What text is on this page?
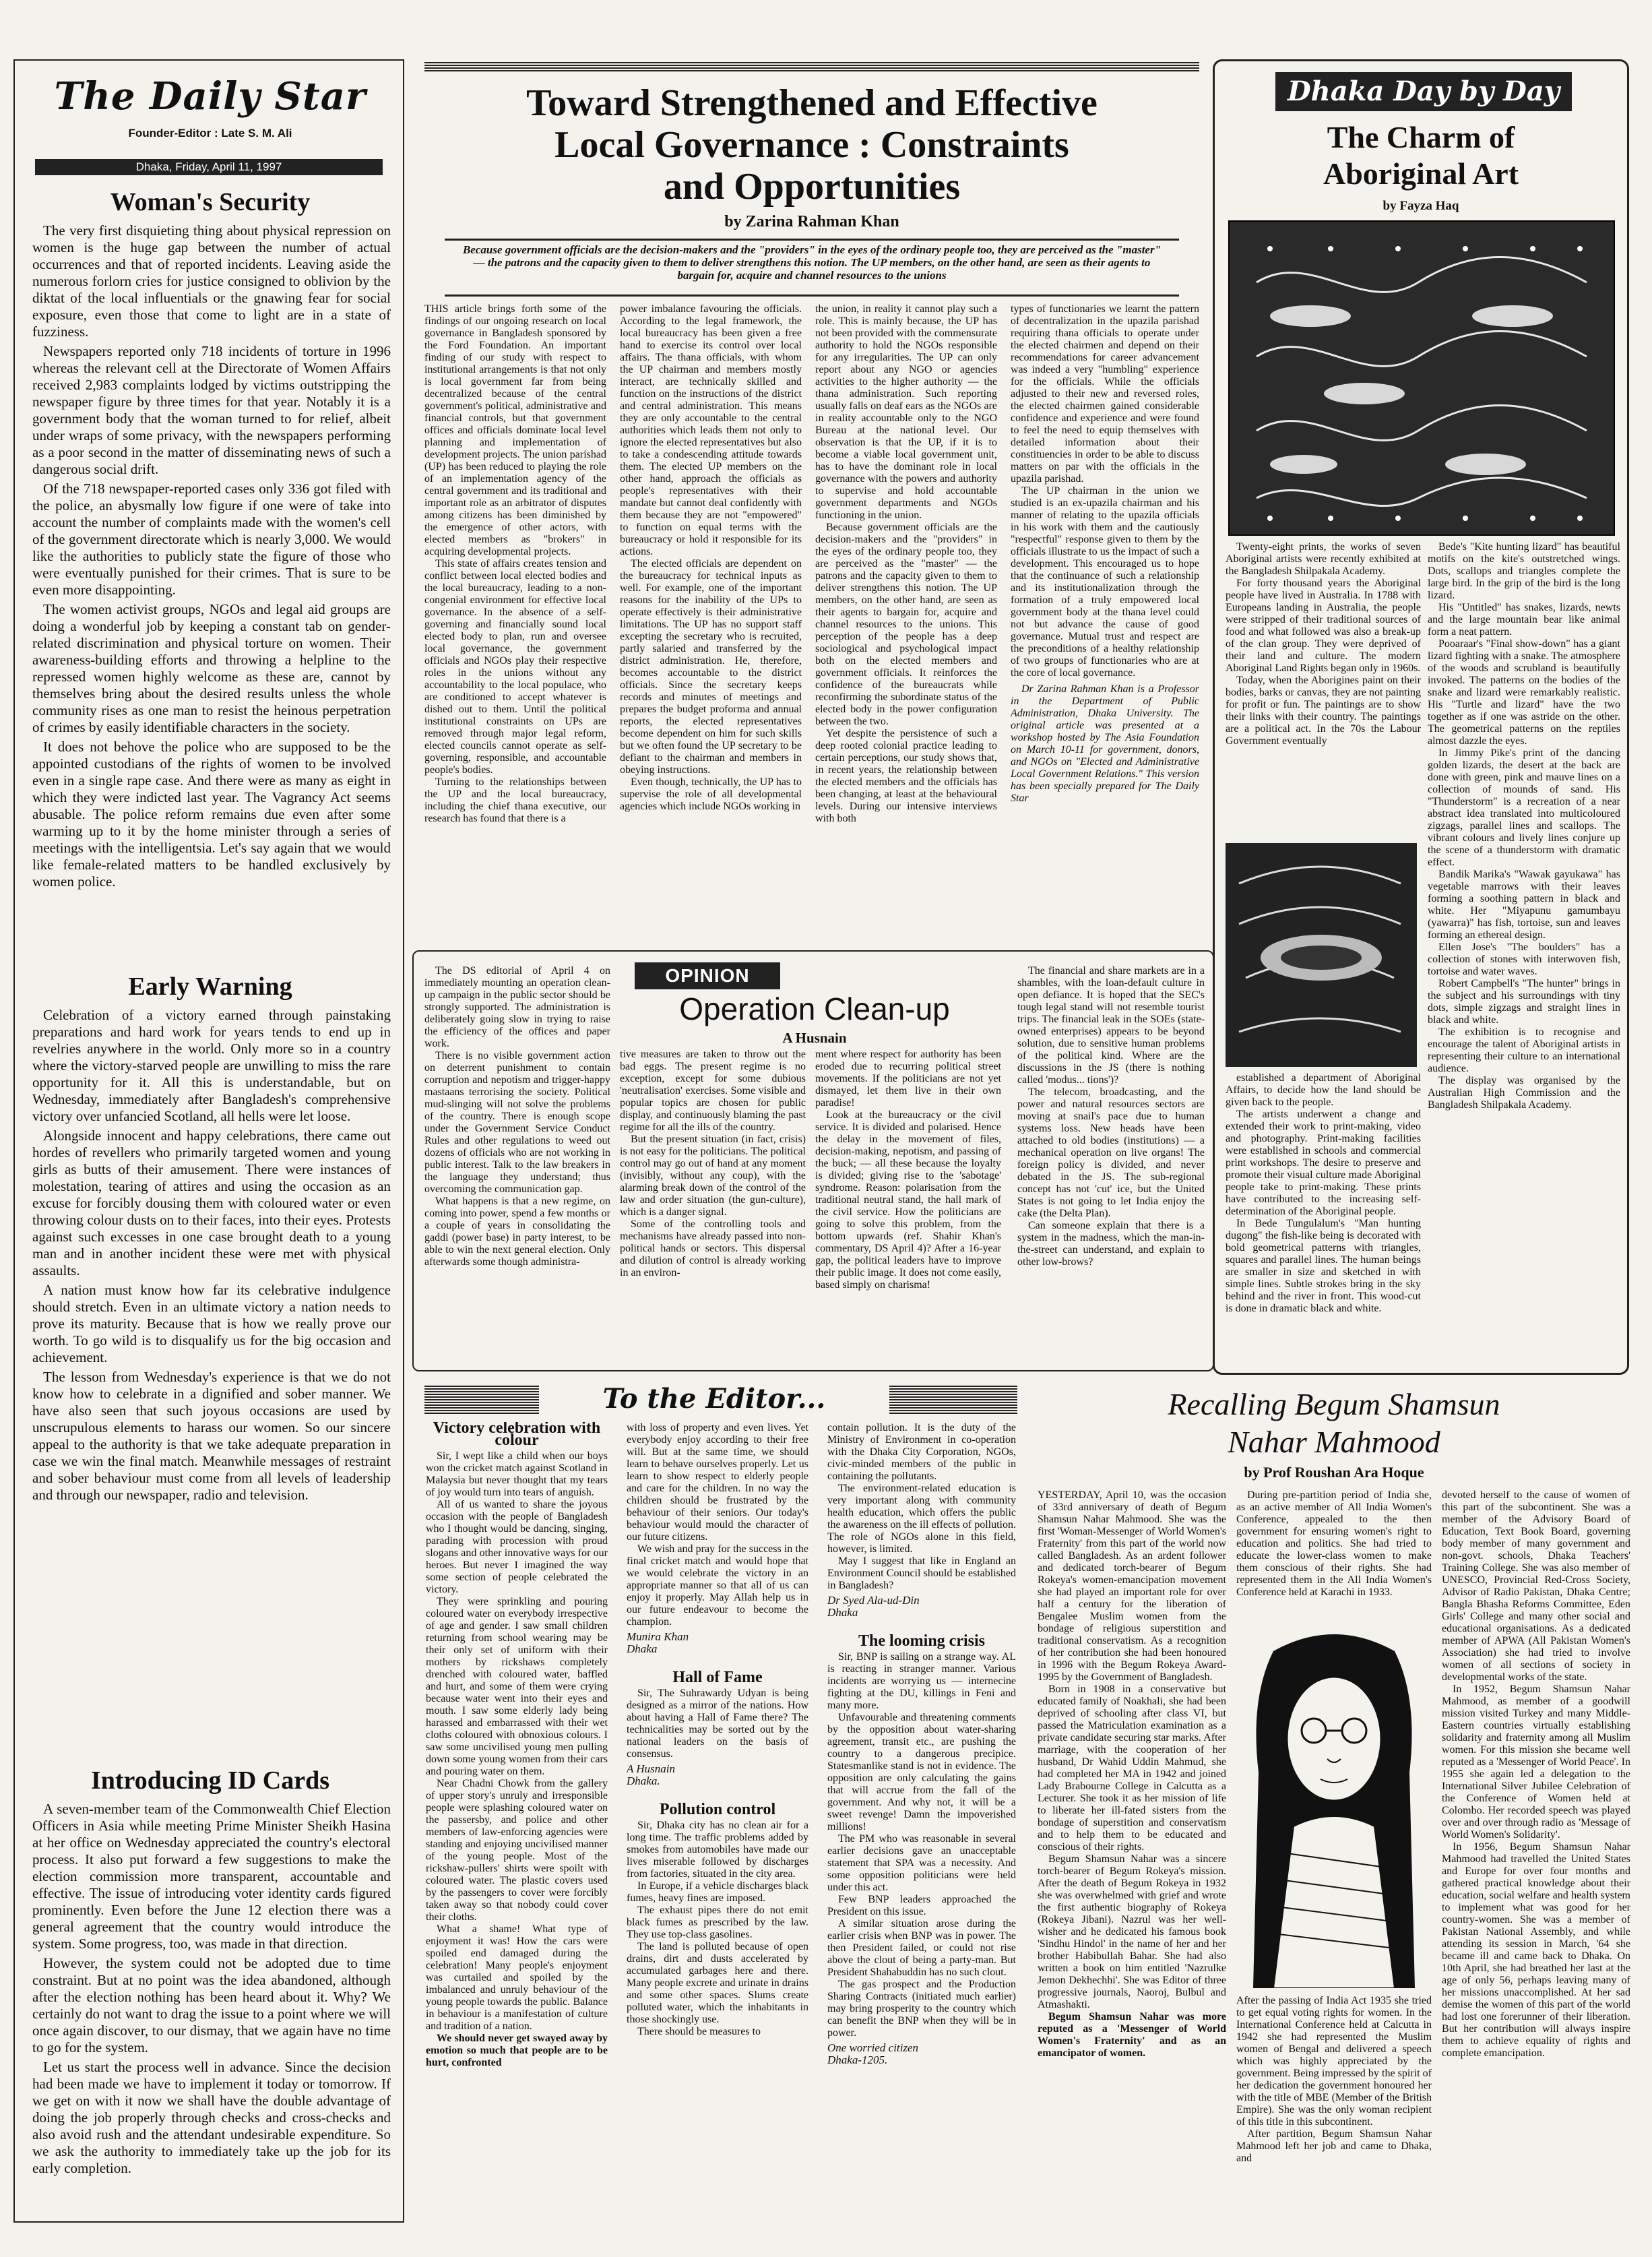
The Daily Star
Founder-Editor : Late S. M. Ali
Dhaka, Friday, April 11, 1997
Woman's Security

The very first disquieting thing about physical repression on women is the huge gap between the number of actual occurrences and that of reported incidents. Leaving aside the numerous forlorn cries for justice consigned to oblivion by the diktat of the local influentials or the gnawing fear for social exposure, even those that come to light are in a state of fuzziness.

Newspapers reported only 718 incidents of torture in 1996 whereas the relevant cell at the Directorate of Women Affairs received 2,983 complaints lodged by victims outstripping the newspaper figure by three times for that year. Notably it is a government body that the woman turned to for relief, albeit under wraps of some privacy, with the newspapers performing as a poor second in the matter of disseminating news of such a dangerous social drift.

Of the 718 newspaper-reported cases only 336 got filed with the police, an abysmally low figure if one were of take into account the number of complaints made with the women's cell of the government directorate which is nearly 3,000. We would like the authorities to publicly state the figure of those who were eventually punished for their crimes. That is sure to be even more disappointing.

The women activist groups, NGOs and legal aid groups are doing a wonderful job by keeping a constant tab on gender-related discrimination and physical torture on women. Their awareness-building efforts and throwing a helpline to the repressed women highly welcome as these are, cannot by themselves bring about the desired results unless the whole community rises as one man to resist the heinous perpetration of crimes by easily identifiable characters in the society.

It does not behove the police who are supposed to be the appointed custodians of the rights of women to be involved even in a single rape case. And there were as many as eight in which they were indicted last year. The Vagrancy Act seems abusable. The police reform remains due even after some warming up to it by the home minister through a series of meetings with the intelligentsia. Let's say again that we would like female-related matters to be handled exclusively by women police.

Early Warning

Celebration of a victory earned through painstaking preparations and hard work for years tends to end up in revelries anywhere in the world. Only more so in a country where the victory-starved people are unwilling to miss the rare opportunity for it. All this is understandable, but on Wednesday, immediately after Bangladesh's comprehensive victory over unfancied Scotland, all hells were let loose.

Alongside innocent and happy celebrations, there came out hordes of revellers who primarily targeted women and young girls as butts of their amusement. There were instances of molestation, tearing of attires and using the occasion as an excuse for forcibly dousing them with coloured water or even throwing colour dusts on to their faces, into their eyes. Protests against such excesses in one case brought death to a young man and in another incident these were met with physical assaults.

A nation must know how far its celebrative indulgence should stretch. Even in an ultimate victory a nation needs to prove its maturity. Because that is how we really prove our worth. To go wild is to disqualify us for the big occasion and achievement.

The lesson from Wednesday's experience is that we do not know how to celebrate in a dignified and sober manner. We have also seen that such joyous occasions are used by unscrupulous elements to harass our women. So our sincere appeal to the authority is that we take adequate preparation in case we win the final match. Meanwhile messages of restraint and sober behaviour must come from all levels of leadership and through our newspaper, radio and television.

Introducing ID Cards

A seven-member team of the Commonwealth Chief Election Officers in Asia while meeting Prime Minister Sheikh Hasina at her office on Wednesday appreciated the country's electoral process. It also put forward a few suggestions to make the election commission more transparent, accountable and effective. The issue of introducing voter identity cards figured prominently. Even before the June 12 election there was a general agreement that the country would introduce the system. Some progress, too, was made in that direction.

However, the system could not be adopted due to time constraint. But at no point was the idea abandoned, although after the election nothing has been heard about it. Why? We certainly do not want to drag the issue to a point where we will once again discover, to our dismay, that we again have no time to go for the system.

Let us start the process well in advance. Since the decision had been made we have to implement it today or tomorrow. If we get on with it now we shall have the double advantage of doing the job properly through checks and cross-checks and also avoid rush and the attendant undesirable expenditure. So we ask the authority to immediately take up the job for its early completion.

Toward Strengthened and Effective
Local Governance : Constraints
and Opportunities
by Zarina Rahman Khan
Because government officials are the decision-makers and the "providers" in the eyes of the ordinary people too, they are perceived as the "master" — the patrons and the capacity given to them to deliver strengthens this notion. The UP members, on the other hand, are seen as their agents to bargain for, acquire and channel resources to the unions

THIS article brings forth some of the findings of our ongoing research on local governance in Bangladesh sponsored by the Ford Foundation. An important finding of our study with respect to institutional arrangements is that not only is local government far from being decentralized because of the central government's political, administrative and financial controls, but that government offices and officials dominate local level planning and implementation of development projects. The union parishad (UP) has been reduced to playing the role of an implementation agency of the central government and its traditional and important role as an arbitrator of disputes among citizens has been diminished by the emergence of other actors, with elected members as "brokers" in acquiring developmental projects.

This state of affairs creates tension and conflict between local elected bodies and the local bureaucracy, leading to a non-congenial environment for effective local governance. In the absence of a self-governing and financially sound local elected body to plan, run and oversee local governance, the government officials and NGOs play their respective roles in the unions without any accountability to the local populace, who are conditioned to accept whatever is dished out to them. Until the political institutional constraints on UPs are removed through major legal reform, elected councils cannot operate as self-governing, responsible, and accountable people's bodies.

Turning to the relationships between the UP and the local bureaucracy, including the chief thana executive, our research has found that there is a

power imbalance favouring the officials. According to the legal framework, the local bureaucracy has been given a free hand to exercise its control over local affairs. The thana officials, with whom the UP chairman and members mostly interact, are technically skilled and function on the instructions of the district and central administration. This means they are only accountable to the central authorities which leads them not only to ignore the elected representatives but also to take a condescending attitude towards them. The elected UP members on the other hand, approach the officials as people's representatives with their mandate but cannot deal confidently with them because they are not "empowered" to function on equal terms with the bureaucracy or hold it responsible for its actions.

The elected officials are dependent on the bureaucracy for technical inputs as well. For example, one of the important reasons for the inability of the UPs to operate effectively is their administrative limitations. The UP has no support staff excepting the secretary who is recruited, partly salaried and transferred by the district administration. He, therefore, becomes accountable to the district officials. Since the secretary keeps records and minutes of meetings and prepares the budget proforma and annual reports, the elected representatives become dependent on him for such skills but we often found the UP secretary to be defiant to the chairman and members in obeying instructions.

Even though, technically, the UP has to supervise the role of all developmental agencies which include NGOs working in

the union, in reality it cannot play such a role. This is mainly because, the UP has not been provided with the commensurate authority to hold the NGOs responsible for any irregularities. The UP can only report about any NGO or agencies activities to the higher authority — the thana administration. Such reporting usually falls on deaf ears as the NGOs are in reality accountable only to the NGO Bureau at the national level. Our observation is that the UP, if it is to become a viable local government unit, has to have the dominant role in local governance with the powers and authority to supervise and hold accountable government departments and NGOs functioning in the union.

Because government officials are the decision-makers and the "providers" in the eyes of the ordinary people too, they are perceived as the "master" — the patrons and the capacity given to them to deliver strengthens this notion. The UP members, on the other hand, are seen as their agents to bargain for, acquire and channel resources to the unions. This perception of the people has a deep sociological and psychological impact both on the elected members and government officials. It reinforces the confidence of the bureaucrats while reconfirming the subordinate status of the elected body in the power configuration between the two.

Yet despite the persistence of such a deep rooted colonial practice leading to certain perceptions, our study shows that, in recent years, the relationship between the elected members and the officials has been changing, at least at the behavioural levels. During our intensive interviews with both

types of functionaries we learnt the pattern of decentralization in the upazila parishad requiring thana officials to operate under the elected chairmen and depend on their recommendations for career advancement was indeed a very "humbling" experience for the officials. While the officials adjusted to their new and reversed roles, the elected chairmen gained considerable confidence and experience and were found to feel the need to equip themselves with detailed information about their constituencies in order to be able to discuss matters on par with the officials in the upazila parishad.

The UP chairman in the union we studied is an ex-upazila chairman and his manner of relating to the upazila officials in his work with them and the cautiously "respectful" response given to them by the officials illustrate to us the impact of such a development. This encouraged us to hope that the continuance of such a relationship and its institutionalization through the formation of a truly empowered local government body at the thana level could not but advance the cause of good governance. Mutual trust and respect are the preconditions of a healthy relationship of two groups of functionaries who are at the core of local governance.

Dr Zarina Rahman Khan is a Professor in the Department of Public Administration, Dhaka University. The original article was presented at a workshop hosted by The Asia Foundation on March 10-11 for government, donors, and NGOs on "Elected and Administrative Local Government Relations." This version has been specially prepared for The Daily Star

OPINION
Operation Clean-up
A Husnain

The DS editorial of April 4 on immediately mounting an operation clean-up campaign in the public sector should be strongly supported. The administration is deliberately going slow in trying to raise the efficiency of the offices and paper work.

There is no visible government action on deterrent punishment to contain corruption and nepotism and trigger-happy mastaans terrorising the society. Political mud-slinging will not solve the problems of the country. There is enough scope under the Government Service Conduct Rules and other regulations to weed out dozens of officials who are not working in public interest. Talk to the law breakers in the language they understand; thus overcoming the communication gap.

What happens is that a new regime, on coming into power, spend a few months or a couple of years in consolidating the gaddi (power base) in party interest, to be able to win the next general election. Only afterwards some though administra-

tive measures are taken to throw out the bad eggs. The present regime is no exception, except for some dubious 'neutralisation' exercises. Some visible and popular topics are chosen for public display, and continuously blaming the past regime for all the ills of the country.

But the present situation (in fact, crisis) is not easy for the politicians. The political control may go out of hand at any moment (invisibly, without any coup), with the alarming break down of the control of the law and order situation (the gun-culture), which is a danger signal.

Some of the controlling tools and mechanisms have already passed into non-political hands or sectors. This dispersal and dilution of control is already working in an environ-

ment where respect for authority has been eroded due to recurring political street movements. If the politicians are not yet dismayed, let them live in their own paradise!

Look at the bureaucracy or the civil service. It is divided and polarised. Hence the delay in the movement of files, decision-making, nepotism, and passing of the buck; — all these because the loyalty is divided; giving rise to the 'sabotage' syndrome. Reason: polarisation from the traditional neutral stand, the hall mark of the civil service. How the politicians are going to solve this problem, from the bottom upwards (ref. Shahir Khan's commentary, DS April 4)? After a 16-year gap, the political leaders have to improve their public image. It does not come easily, based simply on charisma!

The financial and share markets are in a shambles, with the loan-default culture in open defiance. It is hoped that the SEC's tough legal stand will not resemble tourist trips. The financial leak in the SOEs (state-owned enterprises) appears to be beyond solution, due to sensitive human problems of the political kind. Where are the discussions in the JS (there is nothing called 'modus... tions')?

The telecom, broadcasting, and the power and natural resources sectors are moving at snail's pace due to human systems loss. New heads have been attached to old bodies (institutions) — a mechanical operation on live organs! The foreign policy is divided, and never debated in the JS. The sub-regional concept has not 'cut' ice, but the United States is not going to let India enjoy the cake (the Delta Plan).

Can someone explain that there is a system in the madness, which the man-in-the-street can understand, and explain to other low-brows?

Dhaka Day by Day
The Charm of
Aboriginal Art
by Fayza Haq

Twenty-eight prints, the works of seven Aboriginal artists were recently exhibited at the Bangladesh Shilpakala Academy.

For forty thousand years the Aboriginal people have lived in Australia. In 1788 with Europeans landing in Australia, the people were stripped of their traditional sources of food and what followed was also a break-up of the clan group. They were deprived of their land and culture. The modern Aboriginal Land Rights began only in 1960s.

Today, when the Aborigines paint on their bodies, barks or canvas, they are not painting for profit or fun. The paintings are to show their links with their country. The paintings are a political act. In the 70s the Labour Government eventually

established a department of Aboriginal Affairs, to decide how the land should be given back to the people.

The artists underwent a change and extended their work to print-making, video and photography. Print-making facilities were established in schools and commercial print workshops. The desire to preserve and promote their visual culture made Aboriginal people take to print-making. These prints have contributed to the increasing self-determination of the Aboriginal people.

In Bede Tungulalum's "Man hunting dugong" the fish-like being is decorated with bold geometrical patterns with triangles, squares and parallel lines. The human beings are smaller in size and sketched in with simple lines. Subtle strokes bring in the sky behind and the river in front. This wood-cut is done in dramatic black and white.

Bede's "Kite hunting lizard" has beautiful motifs on the kite's outstretched wings. Dots, scallops and triangles complete the large bird. In the grip of the bird is the long lizard.

His "Untitled" has snakes, lizards, newts and the large mountain bear like animal form a neat pattern.

Pooaraar's "Final show-down" has a giant lizard fighting with a snake. The atmosphere of the woods and scrubland is beautifully invoked. The patterns on the bodies of the snake and lizard were remarkably realistic. His "Turtle and lizard" have the two together as if one was astride on the other. The geometrical patterns on the reptiles almost dazzle the eyes.

In Jimmy Pike's print of the dancing golden lizards, the desert at the back are done with green, pink and mauve lines on a collection of mounds of sand. His "Thunderstorm" is a recreation of a near abstract idea translated into multicoloured zigzags, parallel lines and scallops. The vibrant colours and lively lines conjure up the scene of a thunderstorm with dramatic effect.

Bandik Marika's "Wawak gayukawa" has vegetable marrows with their leaves forming a soothing pattern in black and white. Her "Miyapunu gamumbayu (yawarra)" has fish, tortoise, sun and leaves forming an ethereal design.

Ellen Jose's "The boulders" has a collection of stones with interwoven fish, tortoise and water waves.

Robert Campbell's "The hunter" brings in the subject and his surroundings with tiny dots, simple zigzags and straight lines in black and white.

The exhibition is to recognise and encourage the talent of Aboriginal artists in representing their culture to an international audience.

The display was organised by the Australian High Commission and the Bangladesh Shilpakala Academy.

To the Editor...
Victory celebration with colour

Sir, I wept like a child when our boys won the cricket match against Scotland in Malaysia but never thought that my tears of joy would turn into tears of anguish.

All of us wanted to share the joyous occasion with the people of Bangladesh who I thought would be dancing, singing, parading with procession with proud slogans and other innovative ways for our heroes. But never I imagined the way some section of people celebrated the victory.

They were sprinkling and pouring coloured water on everybody irrespective of age and gender. I saw small children returning from school wearing may be their only set of uniform with their mothers by rickshaws completely drenched with coloured water, baffled and hurt, and some of them were crying because water went into their eyes and mouth. I saw some elderly lady being harassed and embarrassed with their wet cloths coloured with obnoxious colours. I saw some uncivilised young men pulling down some young women from their cars and pouring water on them.

Near Chadni Chowk from the gallery of upper story's unruly and irresponsible people were splashing coloured water on the passersby, and police and other members of law-enforcing agencies were standing and enjoying uncivilised manner of the young people. Most of the rickshaw-pullers' shirts were spoilt with coloured water. The plastic covers used by the passengers to cover were forcibly taken away so that nobody could cover their cloths.

What a shame! What type of enjoyment it was! How the cars were spoiled end damaged during the celebration! Many people's enjoyment was curtailed and spoiled by the imbalanced and unruly behaviour of the young people towards the public. Balance in behaviour is a manifestation of culture and tradition of a nation.

We should never get swayed away by emotion so much that people are to be hurt, confronted

with loss of property and even lives. Yet everybody enjoy according to their free will. But at the same time, we should learn to behave ourselves properly. Let us learn to show respect to elderly people and care for the children. In no way the children should be frustrated by the behaviour of their seniors. Our today's behaviour would mould the character of our future citizens.

We wish and pray for the success in the final cricket match and would hope that we would celebrate the victory in an appropriate manner so that all of us can enjoy it properly. May Allah help us in our future endeavour to become the champion.

Munira Khan
Dhaka
Hall of Fame

Sir, The Suhrawardy Udyan is being designed as a mirror of the nations. How about having a Hall of Fame there? The technicalities may be sorted out by the national leaders on the basis of consensus.

A Husnain
Dhaka.
Pollution control

Sir, Dhaka city has no clean air for a long time. The traffic problems added by smokes from automobiles have made our lives miserable followed by discharges from factories, situated in the city area.

In Europe, if a vehicle discharges black fumes, heavy fines are imposed.

The exhaust pipes there do not emit black fumes as prescribed by the law. They use top-class gasolines.

The land is polluted because of open drains, dirt and dusts accelerated by accumulated garbages here and there. Many people excrete and urinate in drains and some other spaces. Slums create polluted water, which the inhabitants in those shockingly use.

There should be measures to

contain pollution. It is the duty of the Ministry of Environment in co-operation with the Dhaka City Corporation, NGOs, civic-minded members of the public in containing the pollutants.

The environment-related education is very important along with community health education, which offers the public the awareness on the ill effects of pollution. The role of NGOs alone in this field, however, is limited.

May I suggest that like in England an Environment Council should be established in Bangladesh?

Dr Syed Ala-ud-Din
Dhaka
The looming crisis

Sir, BNP is sailing on a strange way. AL is reacting in stranger manner. Various incidents are worrying us — internecine fighting at the DU, killings in Feni and many more.

Unfavourable and threatening comments by the opposition about water-sharing agreement, transit etc., are pushing the country to a dangerous precipice. Statesmanlike stand is not in evidence. The opposition are only calculating the gains that will accrue from the fall of the government. And why not, it will be a sweet revenge! Damn the impoverished millions!

The PM who was reasonable in several earlier decisions gave an unacceptable statement that SPA was a necessity. And some opposition politicians were held under this act.

Few BNP leaders approached the President on this issue.

A similar situation arose during the earlier crisis when BNP was in power. The then President failed, or could not rise above the clout of being a party-man. But President Shahabuddin has no such clout.

The gas prospect and the Production Sharing Contracts (initiated much earlier) may bring prosperity to the country which can benefit the BNP when they will be in power.

One worried citizen
Dhaka-1205.
Recalling Begum Shamsun
Nahar Mahmood
by Prof Roushan Ara Hoque

YESTERDAY, April 10, was the occasion of 33rd anniversary of death of Begum Shamsun Nahar Mahmood. She was the first 'Woman-Messenger of World Women's Fraternity' from this part of the world now called Bangladesh. As an ardent follower and dedicated torch-bearer of Begum Rokeya's women-emancipation movement she had played an important role for over half a century for the liberation of Bengalee Muslim women from the bondage of religious superstition and traditional conservatism. As a recognition of her contribution she had been honoured in 1996 with the Begum Rokeya Award-1995 by the Government of Bangladesh.

Born in 1908 in a conservative but educated family of Noakhali, she had been deprived of schooling after class VI, but passed the Matriculation examination as a private candidate securing star marks. After marriage, with the cooperation of her husband, Dr Wahid Uddin Mahmud, she had completed her MA in 1942 and joined Lady Brabourne College in Calcutta as a Lecturer. She took it as her mission of life to liberate her ill-fated sisters from the bondage of superstition and conservatism and to help them to be educated and conscious of their rights.

Begum Shamsun Nahar was a sincere torch-bearer of Begum Rokeya's mission. After the death of Begum Rokeya in 1932 she was overwhelmed with grief and wrote the first authentic biography of Rokeya (Rokeya Jibani). Nazrul was her well-wisher and he dedicated his famous book 'Sindhu Hindol' in the name of her and her brother Habibullah Bahar. She had also written a book on him entitled 'Nazrulke Jemon Dekhechhi'. She was Editor of three progressive journals, Naoroj, Bulbul and Atmashakti.

Begum Shamsun Nahar was more reputed as a 'Messenger of World Women's Fraternity' and as an emancipator of women.

During pre-partition period of India she, as an active member of All India Women's Conference, appealed to the then government for ensuring women's right to education and politics. She had tried to educate the lower-class women to make them conscious of their rights. She had represented them in the All India Women's Conference held at Karachi in 1933.

After the passing of India Act 1935 she tried to get equal voting rights for women. In the International Conference held at Calcutta in 1942 she had represented the Muslim women of Bengal and delivered a speech which was highly appreciated by the government. Being impressed by the spirit of her dedication the government honoured her with the title of MBE (Member of the British Empire). She was the only woman recipient of this title in this subcontinent.

After partition, Begum Shamsun Nahar Mahmood left her job and came to Dhaka, and

devoted herself to the cause of women of this part of the subcontinent. She was a member of the Advisory Board of Education, Text Book Board, governing body member of many government and non-govt. schools, Dhaka Teachers' Training College. She was also member of UNESCO, Provincial Red-Cross Society, Advisor of Radio Pakistan, Dhaka Centre; Bangla Bhasha Reforms Committee, Eden Girls' College and many other social and educational organisations. As a dedicated member of APWA (All Pakistan Women's Association) she had tried to involve women of all sections of society in developmental works of the state.

In 1952, Begum Shamsun Nahar Mahmood, as member of a goodwill mission visited Turkey and many Middle-Eastern countries virtually establishing solidarity and fraternity among all Muslim women. For this mission she became well reputed as a 'Messenger of World Peace'. In 1955 she again led a delegation to the International Silver Jubilee Celebration of the Conference of Women held at Colombo. Her recorded speech was played over and over through radio as 'Message of World Women's Solidarity'.

In 1956, Begum Shamsun Nahar Mahmood had travelled the United States and Europe for over four months and gathered practical knowledge about their education, social welfare and health system to implement what was good for her country-women. She was a member of Pakistan National Assembly, and while attending its session in March, '64 she became ill and came back to Dhaka. On 10th April, she had breathed her last at the age of only 56, perhaps leaving many of her missions unaccomplished. At her sad demise the women of this part of the world had lost one forerunner of their liberation. But her contribution will always inspire them to achieve equality of rights and complete emancipation.
